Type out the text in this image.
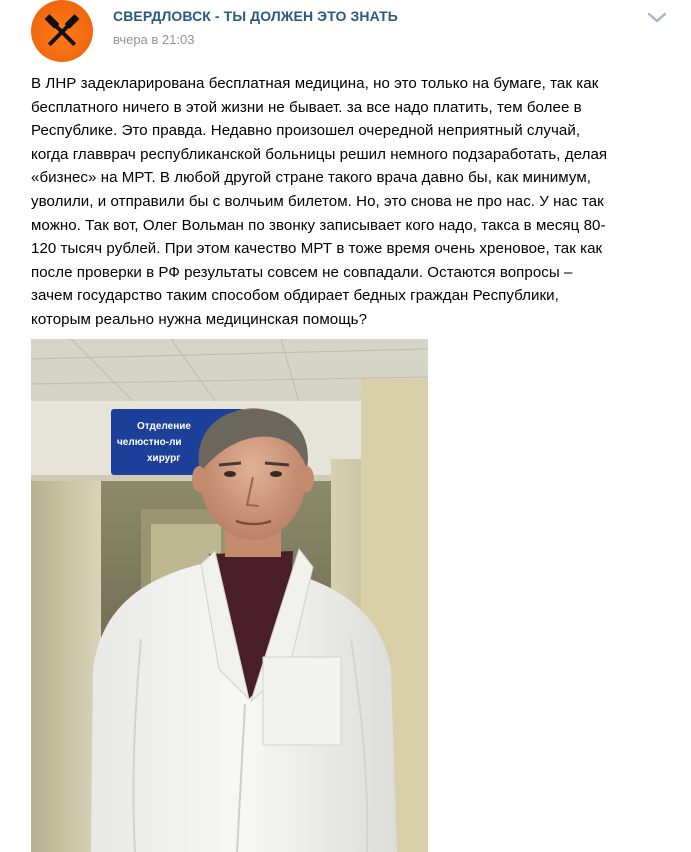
СВЕРДЛОВСК - ТЫ ДОЛЖЕН ЭТО ЗНАТЬ
вчера в 21:03
В ЛНР задекларирована бесплатная медицина, но это только на бумаге, так как
бесплатного ничего в этой жизни не бывает. за все надо платить, тем более в
Республике. Это правда. Недавно произошел очередной неприятный случай,
когда главврач республиканской больницы решил немного подзаработать, делая
«бизнес» на МРТ. В любой другой стране такого врача давно бы, как минимум,
уволили, и отправили бы с волчьим билетом. Но, это снова не про нас. У нас так
можно. Так вот, Олег Вольман по звонку записывает кого надо, такса в месяц 80-
120 тысяч рублей. При этом качество МРТ в тоже время очень хреновое, так как
после проверки в РФ результаты совсем не совпадали. Остаются вопросы –
зачем государство таким способом обдирает бедных граждан Республики,
которым реально нужна медицинская помощь?
Отделение
челюстно-ли
хирург
